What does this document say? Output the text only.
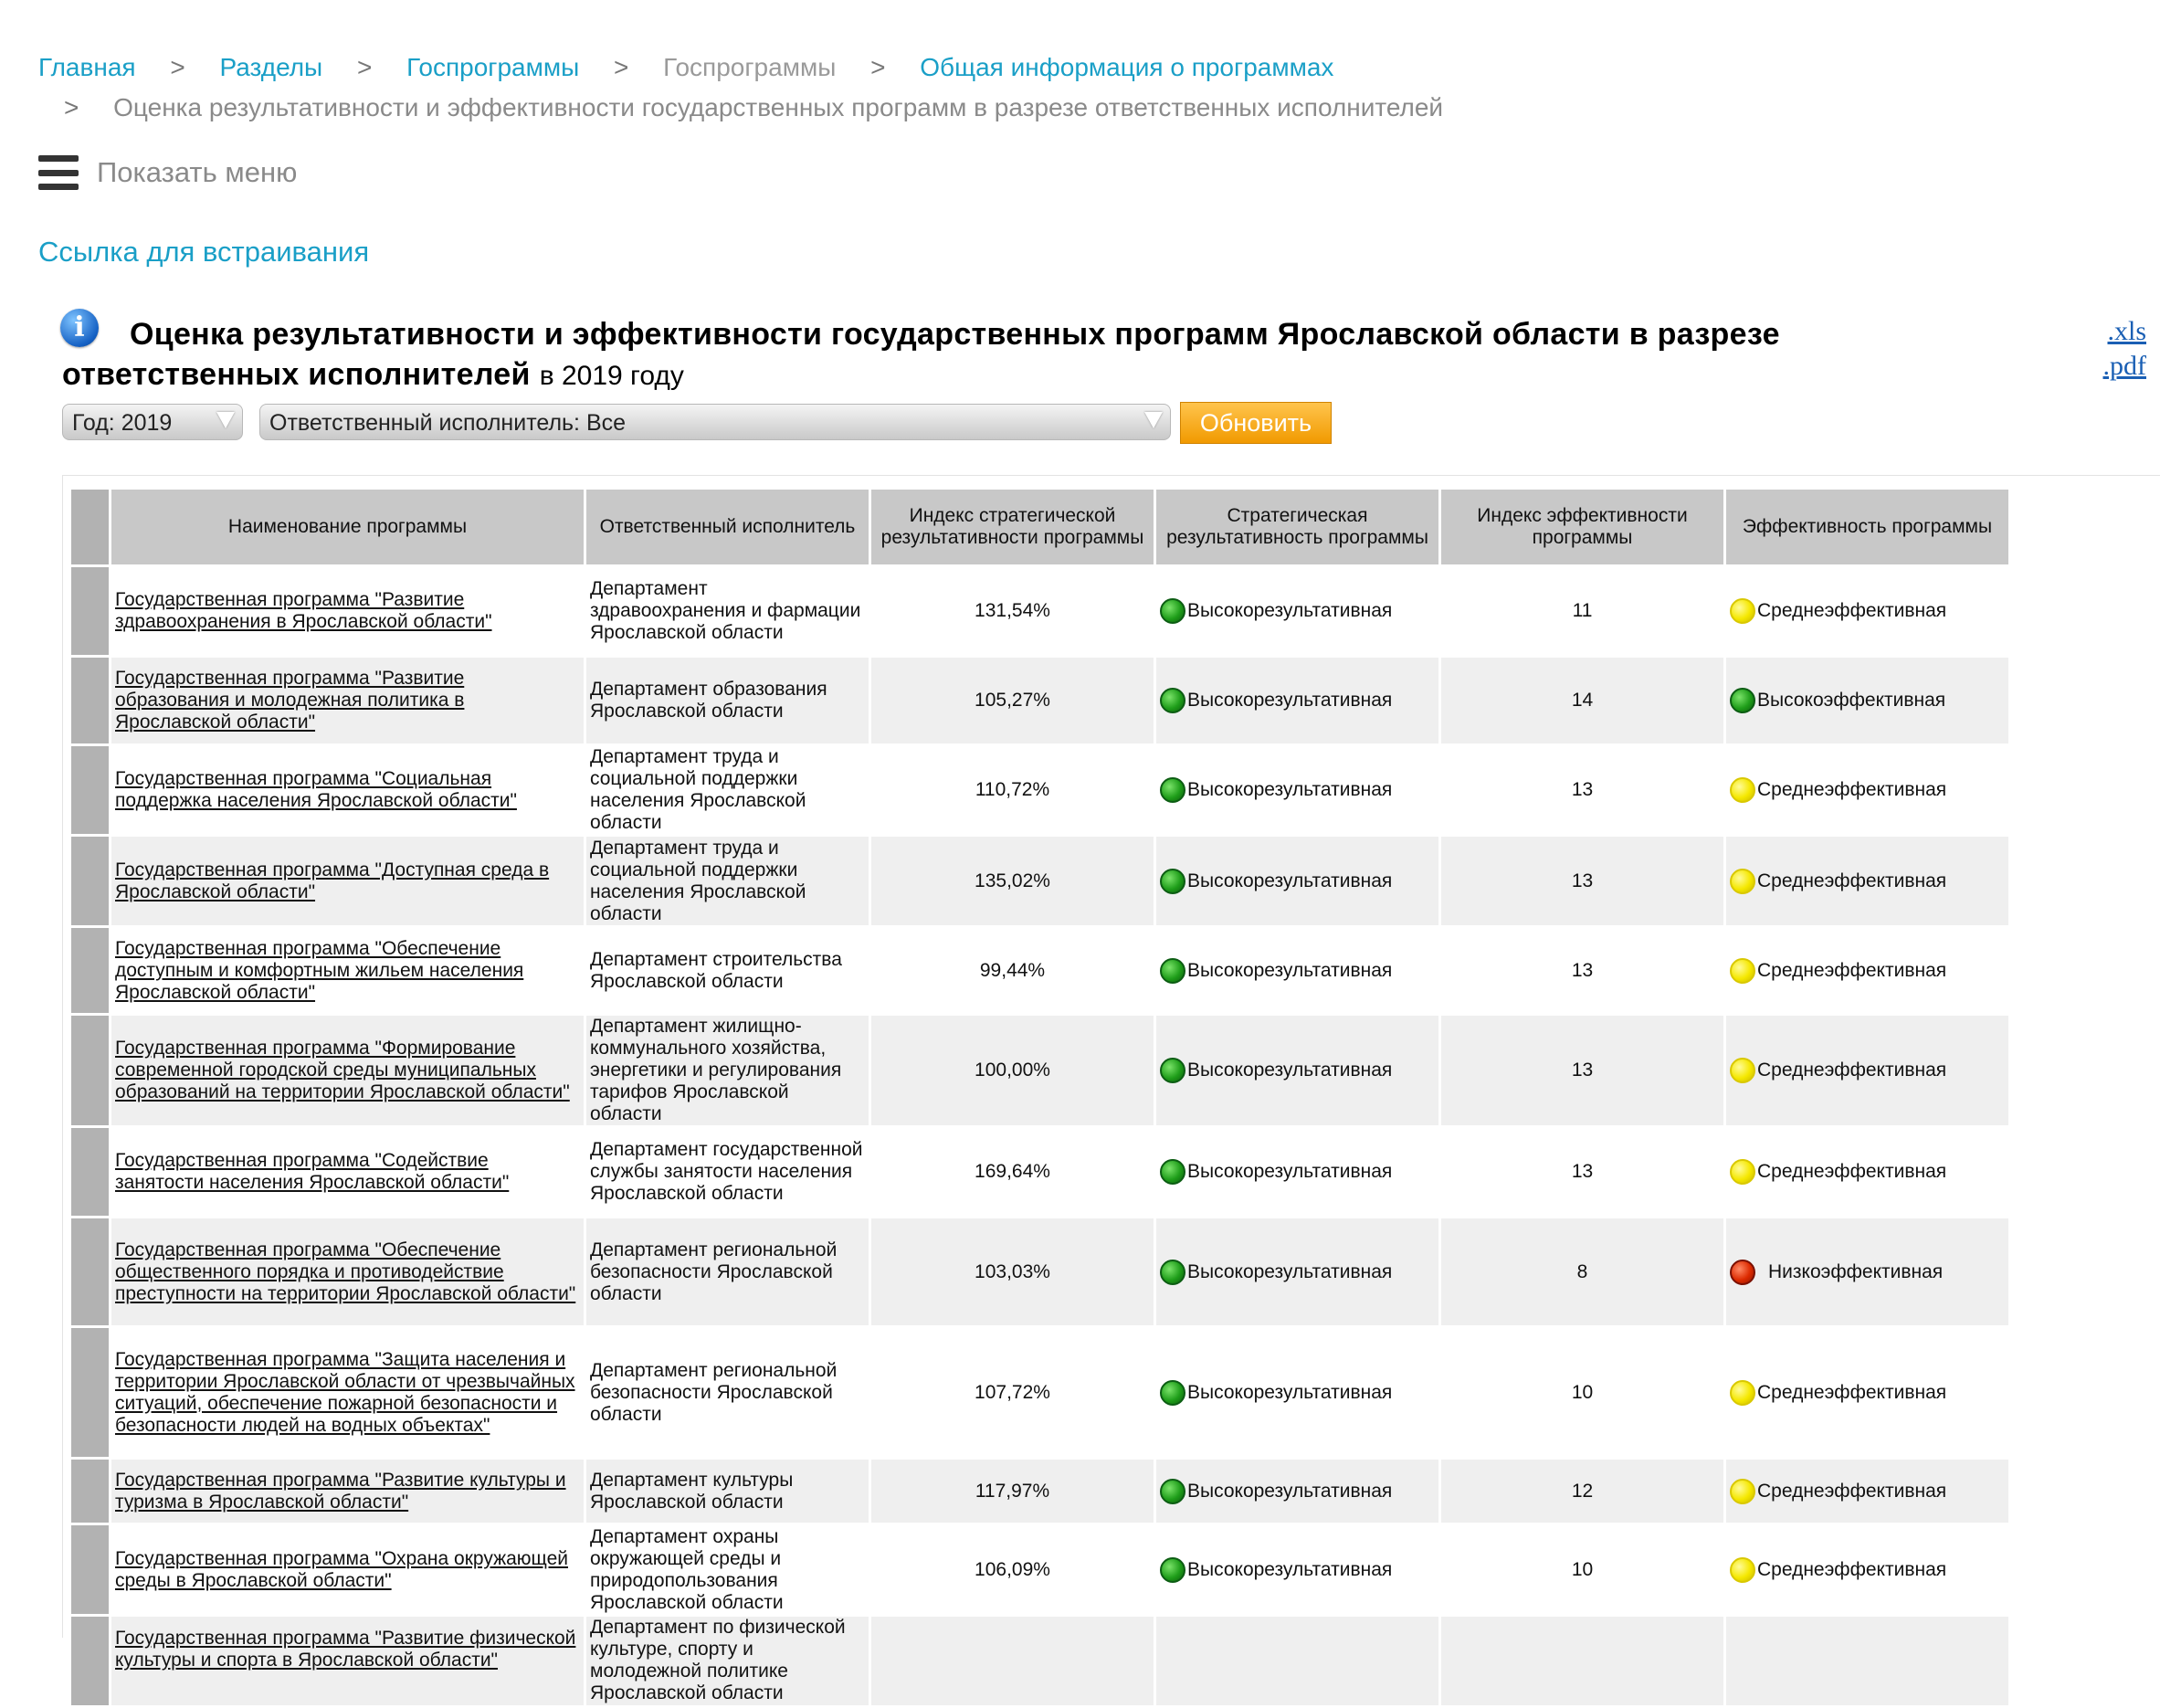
Главная > Разделы > Госпрограммы > Госпрограммы > Общая информация о программах
> Оценка результативности и эффективности государственных программ в разрезе ответственных исполнителей
Показать меню
Ссылка для встраивания
i	Оценка результативности и эффективности государственных программ Ярославской области в разрезе ответственных исполнителей в 2019 году
.xls
.pdf
Год: 2019	Ответственный исполнитель: Все	Обновить
	Наименование программы	Ответственный исполнитель	Индекс стратегической результативности программы	Стратегическая результативность программы	Индекс эффективности программы	Эффективность программы
	Государственная программа "Развитие здравоохранения в Ярославской области"	Департамент здравоохранения и фармации Ярославской области	131,54%	Высокорезультативная	11	Среднеэффективная

	Государственная программа "Развитие образования и молодежная политика в Ярославской области"	Департамент образования Ярославской области	105,27%	Высокорезультативная	14	Высокоэффективная

	Государственная программа "Социальная поддержка населения Ярославской области"	Департамент труда и социальной поддержки населения Ярославской области	110,72%	Высокорезультативная	13	Среднеэффективная

	Государственная программа "Доступная среда в Ярославской области"	Департамент труда и социальной поддержки населения Ярославской области	135,02%	Высокорезультативная	13	Среднеэффективная

	Государственная программа "Обеспечение доступным и комфортным жильем населения Ярославской области"	Департамент строительства Ярославской области	99,44%	Высокорезультативная	13	Среднеэффективная

	Государственная программа "Формирование современной городской среды муниципальных образований на территории Ярославской области"	Департамент жилищно-коммунального хозяйства, энергетики и регулирования тарифов Ярославской области	100,00%	Высокорезультативная	13	Среднеэффективная

	Государственная программа "Содействие занятости населения Ярославской области"	Департамент государственной службы занятости населения Ярославской области	169,64%	Высокорезультативная	13	Среднеэффективная

	Государственная программа "Обеспечение общественного порядка и противодействие преступности на территории Ярославской области"	Департамент региональной безопасности Ярославской области	103,03%	Высокорезультативная	8	Низкоэффективная

	Государственная программа "Защита населения и территории Ярославской области от чрезвычайных ситуаций, обеспечение пожарной безопасности и безопасности людей на водных объектах"	Департамент региональной безопасности Ярославской области	107,72%	Высокорезультативная	10	Среднеэффективная

	Государственная программа "Развитие культуры и туризма в Ярославской области"	Департамент культуры Ярославской области	117,97%	Высокорезультативная	12	Среднеэффективная

	Государственная программа "Охрана окружающей среды в Ярославской области"	Департамент охраны окружающей среды и природопользования Ярославской области	106,09%	Высокорезультативная	10	Среднеэффективная

	Государственная программа "Развитие физической культуры и спорта в Ярославской области"	Департамент по физической культуре, спорту и молодежной политике Ярославской области				
